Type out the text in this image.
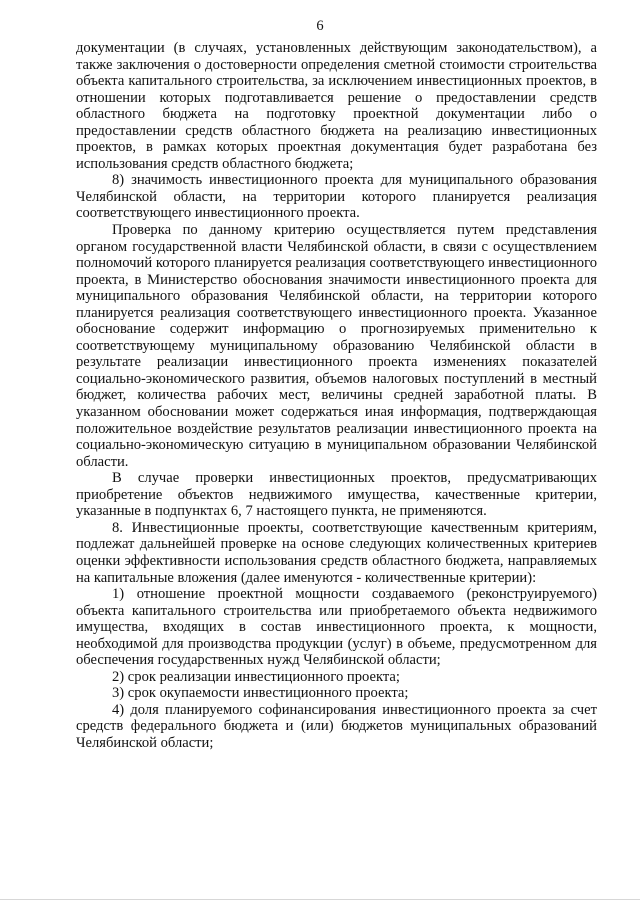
6

документации (в случаях, установленных действующим законодательством), а также заключения о достоверности определения сметной стоимости строительства объекта капитального строительства, за исключением инвестиционных проектов, в отношении которых подготавливается решение о предоставлении средств областного бюджета на подготовку проектной документации либо о предоставлении средств областного бюджета на реализацию инвестиционных проектов, в рамках которых проектная документация будет разработана без использования средств областного бюджета;

8) значимость инвестиционного проекта для муниципального образования Челябинской области, на территории которого планируется реализация соответствующего инвестиционного проекта.

Проверка по данному критерию осуществляется путем представления органом государственной власти Челябинской области, в связи с осуществлением полномочий которого планируется реализация соответствующего инвестиционного проекта, в Министерство обоснования значимости инвестиционного проекта для муниципального образования Челябинской области, на территории которого планируется реализация соответствующего инвестиционного проекта. Указанное обоснование содержит информацию о прогнозируемых применительно к соответствующему муниципальному образованию Челябинской области в результате реализации инвестиционного проекта изменениях показателей социально-экономического развития, объемов налоговых поступлений в местный бюджет, количества рабочих мест, величины средней заработной платы. В указанном обосновании может содержаться иная информация, подтверждающая положительное воздействие результатов реализации инвестиционного проекта на социально-экономическую ситуацию в муниципальном образовании Челябинской области.

В случае проверки инвестиционных проектов, предусматривающих приобретение объектов недвижимого имущества, качественные критерии, указанные в подпунктах 6, 7 настоящего пункта, не применяются.

8. Инвестиционные проекты, соответствующие качественным критериям, подлежат дальнейшей проверке на основе следующих количественных критериев оценки эффективности использования средств областного бюджета, направляемых на капитальные вложения (далее именуются - количественные критерии):

1) отношение проектной мощности создаваемого (реконструируемого) объекта капитального строительства или приобретаемого объекта недвижимого имущества, входящих в состав инвестиционного проекта, к мощности, необходимой для производства продукции (услуг) в объеме, предусмотренном для обеспечения государственных нужд Челябинской области;

2) срок реализации инвестиционного проекта;

3) срок окупаемости инвестиционного проекта;

4) доля планируемого софинансирования инвестиционного проекта за счет средств федерального бюджета и (или) бюджетов муниципальных образований Челябинской области;
